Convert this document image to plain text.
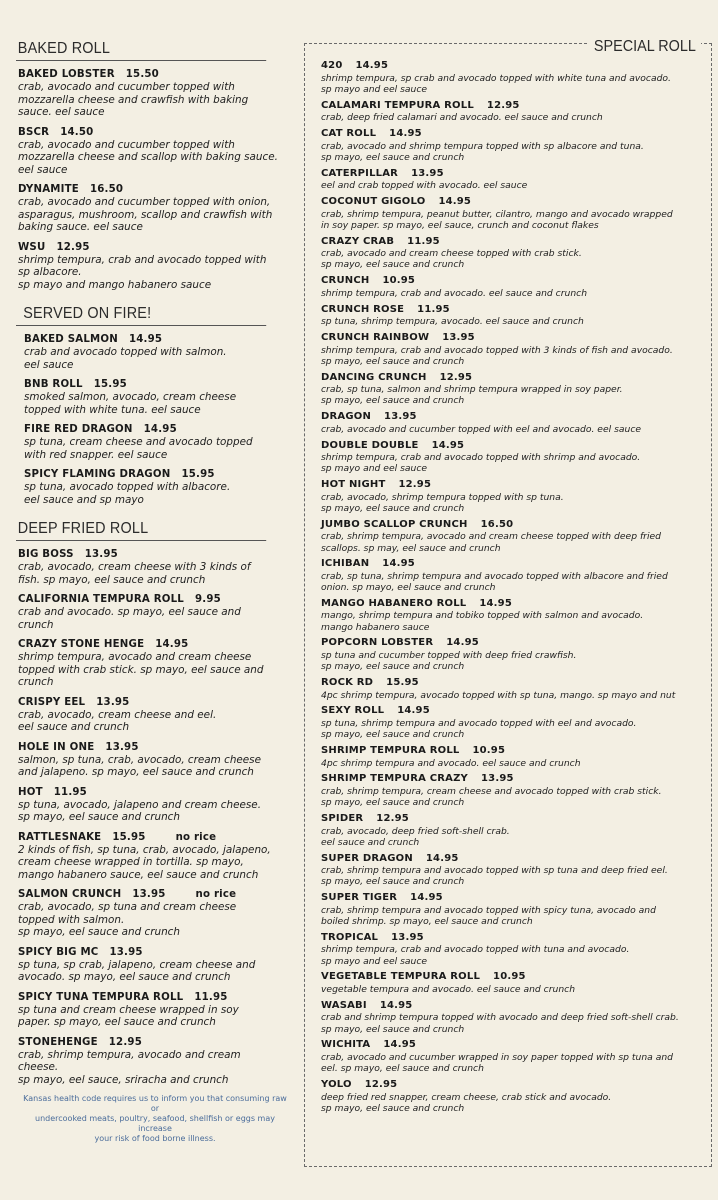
BAKED ROLL
BAKED LOBSTER 15.50
crab, avocado and cucumber topped with
mozzarella cheese and crawfish with baking
sauce. eel sauce
BSCR 14.50
crab, avocado and cucumber topped with
mozzarella cheese and scallop with baking sauce.
eel sauce
DYNAMITE 16.50
crab, avocado and cucumber topped with onion,
asparagus, mushroom, scallop and crawfish with
baking sauce. eel sauce
WSU 12.95
shrimp tempura, crab and avocado topped with
sp albacore.
sp mayo and mango habanero sauce
SERVED ON FIRE!
BAKED SALMON 14.95
crab and avocado topped with salmon.
eel sauce
BNB ROLL 15.95
smoked salmon, avocado, cream cheese
topped with white tuna. eel sauce
FIRE RED DRAGON 14.95
sp tuna, cream cheese and avocado topped
with red snapper. eel sauce
SPICY FLAMING DRAGON 15.95
sp tuna, avocado topped with albacore.
eel sauce and sp mayo
DEEP FRIED ROLL
BIG BOSS 13.95
crab, avocado, cream cheese with 3 kinds of
fish. sp mayo, eel sauce and crunch
CALIFORNIA TEMPURA ROLL 9.95
crab and avocado. sp mayo, eel sauce and
crunch
CRAZY STONE HENGE 14.95
shrimp tempura, avocado and cream cheese
topped with crab stick. sp mayo, eel sauce and
crunch
CRISPY EEL 13.95
crab, avocado, cream cheese and eel.
eel sauce and crunch
HOLE IN ONE 13.95
salmon, sp tuna, crab, avocado, cream cheese
and jalapeno. sp mayo, eel sauce and crunch
HOT 11.95
sp tuna, avocado, jalapeno and cream cheese.
sp mayo, eel sauce and crunch
RATTLESNAKE 15.95	no rice
2 kinds of fish, sp tuna, crab, avocado, jalapeno,
cream cheese wrapped in tortilla. sp mayo,
mango habanero sauce, eel sauce and crunch
SALMON CRUNCH 13.95	no rice
crab, avocado, sp tuna and cream cheese
topped with salmon.
sp mayo, eel sauce and crunch
SPICY BIG MC 13.95
sp tuna, sp crab, jalapeno, cream cheese and
avocado. sp mayo, eel sauce and crunch
SPICY TUNA TEMPURA ROLL 11.95
sp tuna and cream cheese wrapped in soy
paper. sp mayo, eel sauce and crunch
STONEHENGE 12.95
crab, shrimp tempura, avocado and cream
cheese.
sp mayo, eel sauce, sriracha and crunch
Kansas health code requires us to inform you that consuming raw or
undercooked meats, poultry, seafood, shellfish or eggs may increase
your risk of food borne illness.
SPECIAL ROLL
420 14.95
shrimp tempura, sp crab and avocado topped with white tuna and avocado.
sp mayo and eel sauce
CALAMARI TEMPURA ROLL 12.95
crab, deep fried calamari and avocado. eel sauce and crunch
CAT ROLL 14.95
crab, avocado and shrimp tempura topped with sp albacore and tuna.
sp mayo, eel sauce and crunch
CATERPILLAR 13.95
eel and crab topped with avocado. eel sauce
COCONUT GIGOLO 14.95
crab, shrimp tempura, peanut butter, cilantro, mango and avocado wrapped
in soy paper. sp mayo, eel sauce, crunch and coconut flakes
CRAZY CRAB 11.95
crab, avocado and cream cheese topped with crab stick.
sp mayo, eel sauce and crunch
CRUNCH 10.95
shrimp tempura, crab and avocado. eel sauce and crunch
CRUNCH ROSE 11.95
sp tuna, shrimp tempura, avocado. eel sauce and crunch
CRUNCH RAINBOW 13.95
shrimp tempura, crab and avocado topped with 3 kinds of fish and avocado.
sp mayo, eel sauce and crunch
DANCING CRUNCH 12.95
crab, sp tuna, salmon and shrimp tempura wrapped in soy paper.
sp mayo, eel sauce and crunch
DRAGON 13.95
crab, avocado and cucumber topped with eel and avocado. eel sauce
DOUBLE DOUBLE 14.95
shrimp tempura, crab and avocado topped with shrimp and avocado.
sp mayo and eel sauce
HOT NIGHT 12.95
crab, avocado, shrimp tempura topped with sp tuna.
sp mayo, eel sauce and crunch
JUMBO SCALLOP CRUNCH 16.50
crab, shrimp tempura, avocado and cream cheese topped with deep fried
scallops. sp may, eel sauce and crunch
ICHIBAN 14.95
crab, sp tuna, shrimp tempura and avocado topped with albacore and fried
onion. sp mayo, eel sauce and crunch
MANGO HABANERO ROLL 14.95
mango, shrimp tempura and tobiko topped with salmon and avocado.
mango habanero sauce
POPCORN LOBSTER 14.95
sp tuna and cucumber topped with deep fried crawfish.
sp mayo, eel sauce and crunch
ROCK RD 15.95
4pc shrimp tempura, avocado topped with sp tuna, mango. sp mayo and nut
SEXY ROLL 14.95
sp tuna, shrimp tempura and avocado topped with eel and avocado.
sp mayo, eel sauce and crunch
SHRIMP TEMPURA ROLL 10.95
4pc shrimp tempura and avocado. eel sauce and crunch
SHRIMP TEMPURA CRAZY 13.95
crab, shrimp tempura, cream cheese and avocado topped with crab stick.
sp mayo, eel sauce and crunch
SPIDER 12.95
crab, avocado, deep fried soft-shell crab.
eel sauce and crunch
SUPER DRAGON 14.95
crab, shrimp tempura and avocado topped with sp tuna and deep fried eel.
sp mayo, eel sauce and crunch
SUPER TIGER 14.95
crab, shrimp tempura and avocado topped with spicy tuna, avocado and
boiled shrimp. sp mayo, eel sauce and crunch
TROPICAL 13.95
shrimp tempura, crab and avocado topped with tuna and avocado.
sp mayo and eel sauce
VEGETABLE TEMPURA ROLL 10.95
vegetable tempura and avocado. eel sauce and crunch
WASABI 14.95
crab and shrimp tempura topped with avocado and deep fried soft-shell crab.
sp mayo, eel sauce and crunch
WICHITA 14.95
crab, avocado and cucumber wrapped in soy paper topped with sp tuna and
eel. sp mayo, eel sauce and crunch
YOLO 12.95
deep fried red snapper, cream cheese, crab stick and avocado.
sp mayo, eel sauce and crunch
